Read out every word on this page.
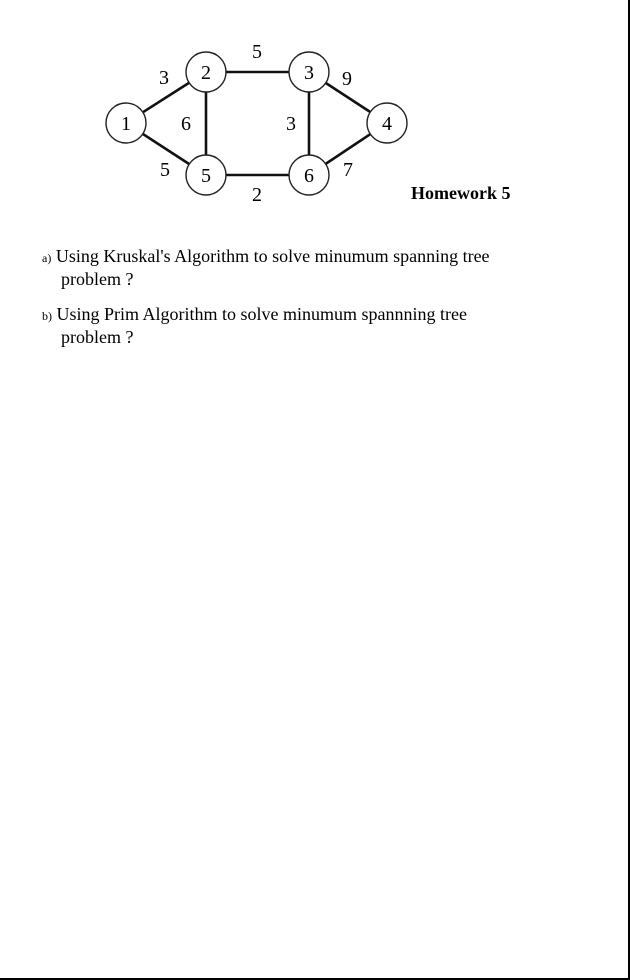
3
5
5
6	3
9
2
7
1
2	3
4
5	6
Homework 5
a) Using Kruskal's Algorithm to solve minumum spanning tree
problem ?
b) Using Prim Algorithm to solve minumum spannning tree
problem ?
